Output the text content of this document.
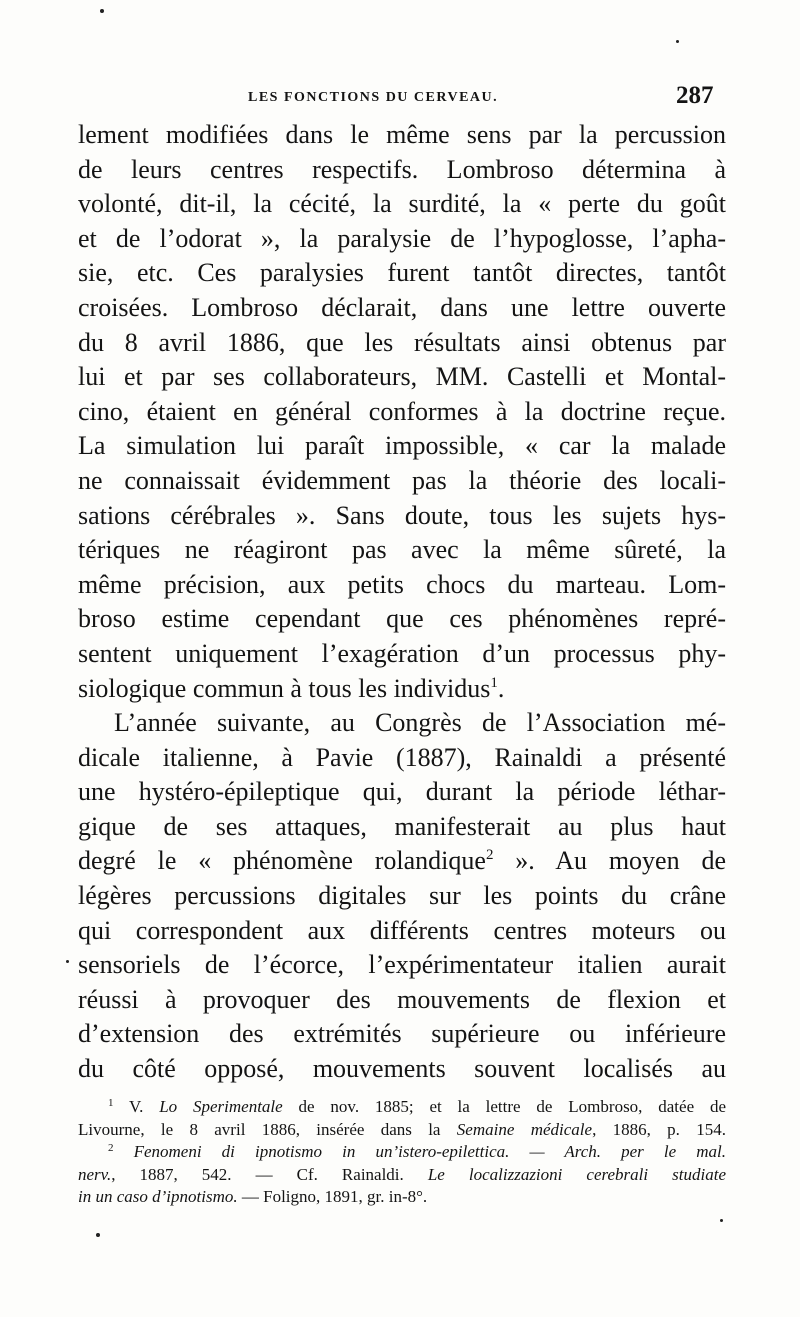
LES FONCTIONS DU CERVEAU.	287
lement modifiées dans le même sens par la percussion
de leurs centres respectifs. Lombroso détermina à
volonté, dit-il, la cécité, la surdité, la « perte du goût
et de l’odorat », la paralysie de l’hypoglosse, l’apha-
sie, etc. Ces paralysies furent tantôt directes, tantôt
croisées. Lombroso déclarait, dans une lettre ouverte
du 8 avril 1886, que les résultats ainsi obtenus par
lui et par ses collaborateurs, MM. Castelli et Montal-
cino, étaient en général conformes à la doctrine reçue.
La simulation lui paraît impossible, « car la malade
ne connaissait évidemment pas la théorie des locali-
sations cérébrales ». Sans doute, tous les sujets hys-
tériques ne réagiront pas avec la même sûreté, la
même précision, aux petits chocs du marteau. Lom-
broso estime cependant que ces phénomènes repré-
sentent uniquement l’exagération d’un processus phy-
siologique commun à tous les individus$^1$.
L’année suivante, au Congrès de l’Association mé-
dicale italienne, à Pavie (1887), Rainaldi a présenté
une hystéro-épileptique qui, durant la période léthar-
gique de ses attaques, manifesterait au plus haut
degré le « phénomène rolandique$^2$ ». Au moyen de
légères percussions digitales sur les points du crâne
qui correspondent aux différents centres moteurs ou
sensoriels de l’écorce, l’expérimentateur italien aurait
réussi à provoquer des mouvements de flexion et
d’extension des extrémités supérieure ou inférieure
du côté opposé, mouvements souvent localisés au
$^1$ V. Lo Sperimentale de nov. 1885; et la lettre de Lombroso, datée de
Livourne, le 8 avril 1886, insérée dans la Semaine médicale, 1886, p. 154.
$^2$ Fenomeni di ipnotismo in un’istero-epilettica. — Arch. per le mal.
nerv., 1887, 542. — Cf. Rainaldi. Le localizzazioni cerebrali studiate
in un caso d’ipnotismo. — Foligno, 1891, gr. in-8°.
